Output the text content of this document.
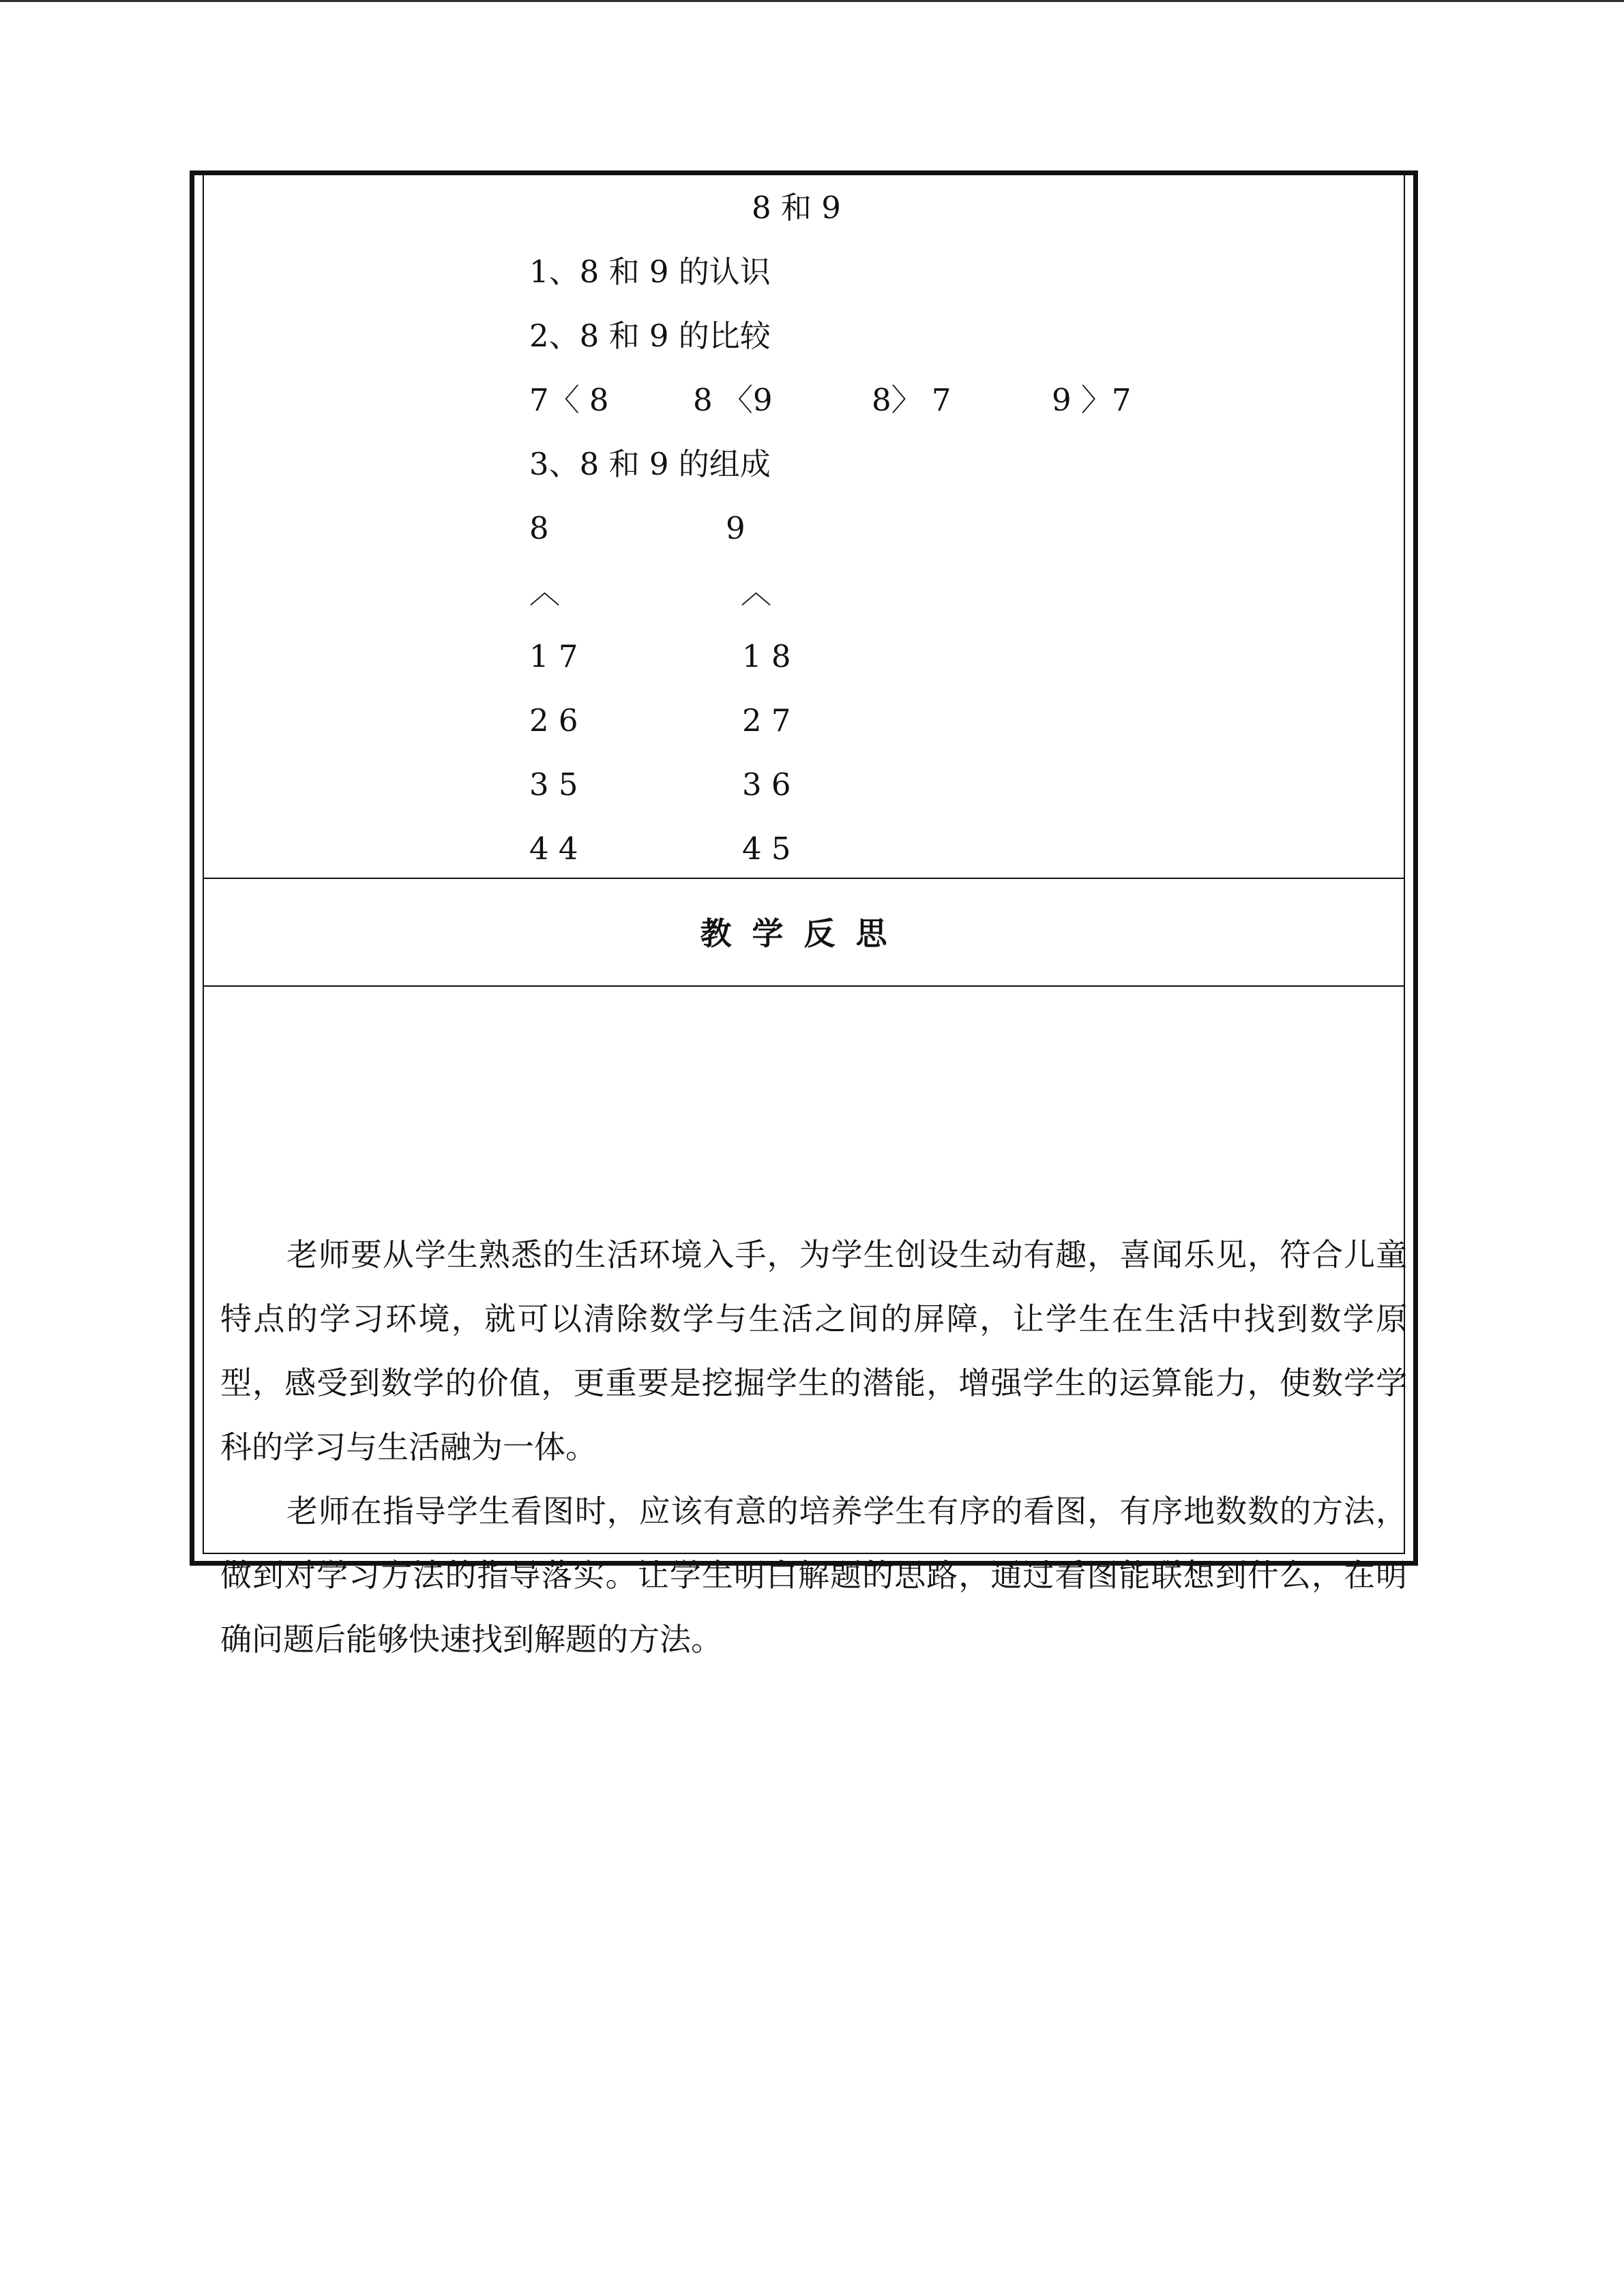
8 和 9
1、8 和 9 的认识
2、8 和 9 的比较
7〈 8	8 〈9	8〉 7	9 〉7
3、8 和 9 的组成
8	9
︿	︿
1 7	1 8
2 6	2 7
3 5	3 6
4 4	4 5
教学反思
老师要从学生熟悉的生活环境入手，为学生创设生动有趣，喜闻乐见，符合儿童特点的学习环境，就可以清除数学与生活之间的屏障，让学生在生活中找到数学原型，感受到数学的价值，更重要是挖掘学生的潜能，增强学生的运算能力，使数学学科的学习与生活融为一体。
老师在指导学生看图时，应该有意的培养学生有序的看图，有序地数数的方法，做到对学习方法的指导落实。让学生明白解题的思路，通过看图能联想到什么，在明确问题后能够快速找到解题的方法。
